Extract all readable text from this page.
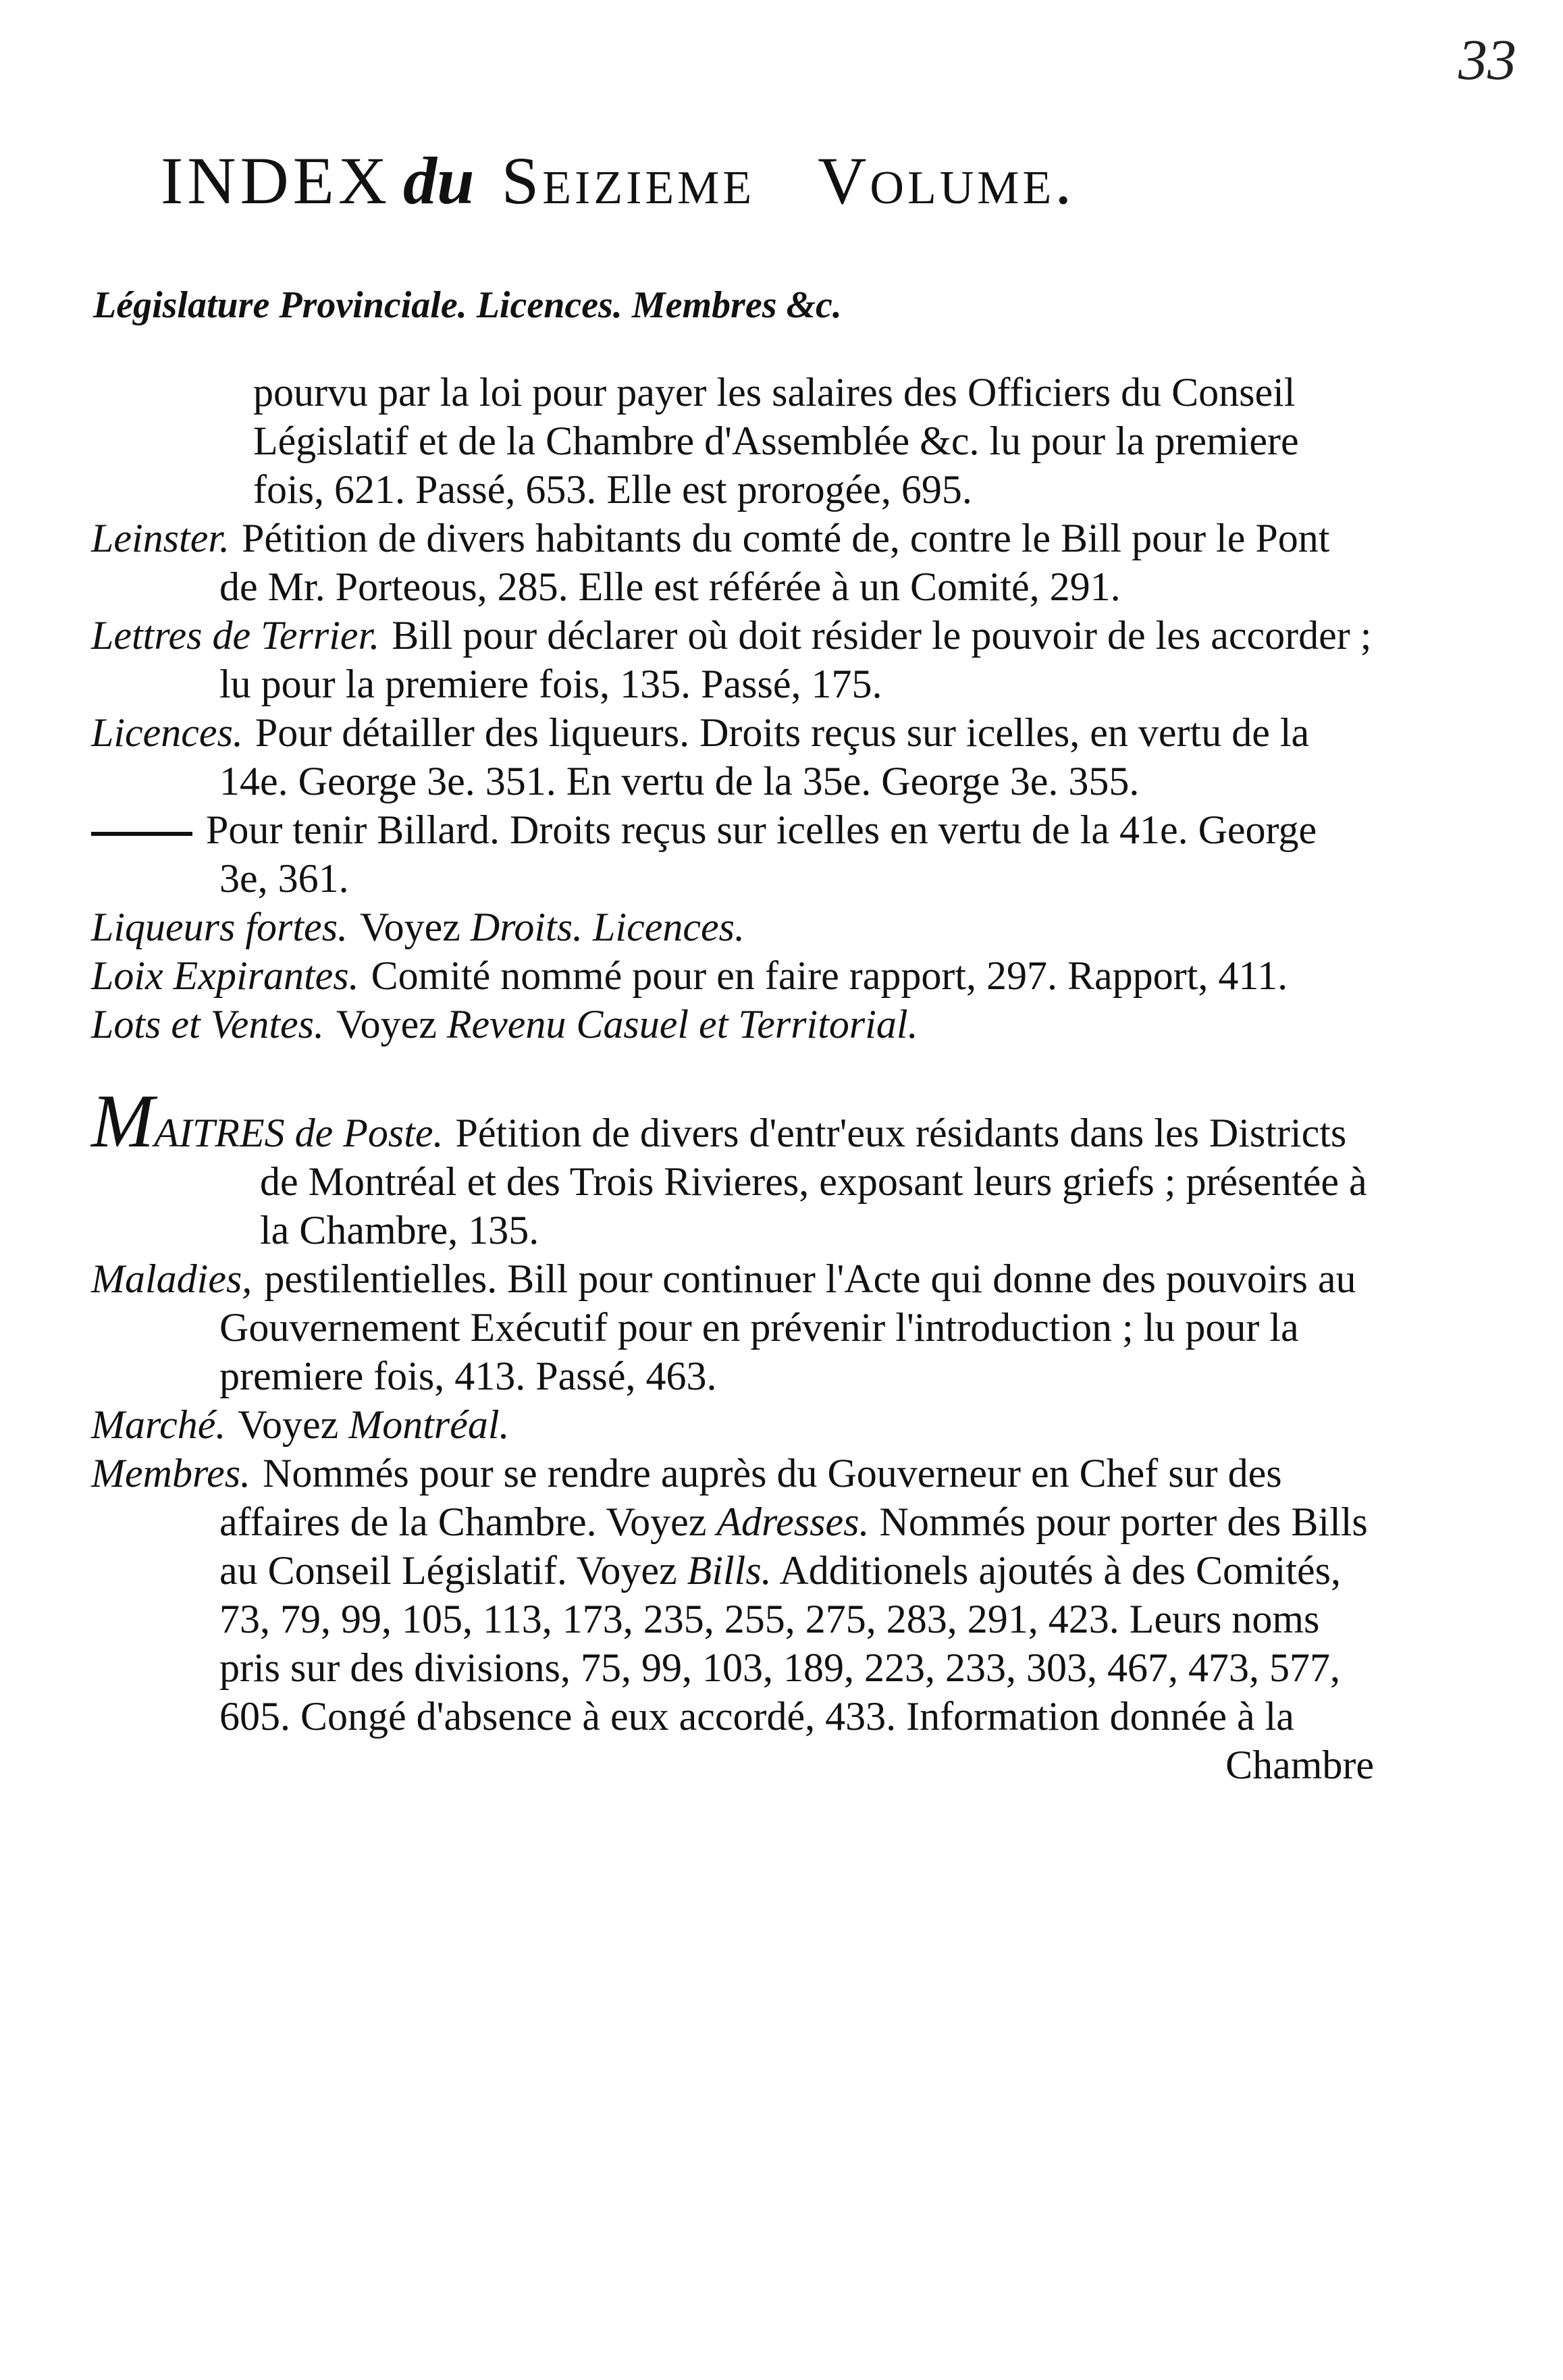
33
INDEX du Seizieme Volume.
Législature Provinciale. Licences. Membres &c.

pourvu par la loi pour payer les salaires des Officiers du Conseil Législatif et de la Chambre d'Assemblée &c. lu pour la premiere fois, 621. Passé, 653. Elle est prorogée, 695.

Leinster. Pétition de divers habitants du comté de, contre le Bill pour le Pont de Mr. Porteous, 285. Elle est référée à un Comité, 291.

Lettres de Terrier. Bill pour déclarer où doit résider le pouvoir de les accorder ; lu pour la premiere fois, 135. Passé, 175.

Licences. Pour détailler des liqueurs. Droits reçus sur icelles, en vertu de la 14e. George 3e. 351. En vertu de la 35e. George 3e. 355.

Pour tenir Billard. Droits reçus sur icelles en vertu de la 41e. George 3e, 361.

Liqueurs fortes. Voyez Droits. Licences.

Loix Expirantes. Comité nommé pour en faire rapport, 297. Rapport, 411.

Lots et Ventes. Voyez Revenu Casuel et Territorial.

MAITRES de Poste. Pétition de divers d'entr'eux résidants dans les Districts de Montréal et des Trois Rivieres, exposant leurs griefs ; présentée à la Chambre, 135.

Maladies, pestilentielles. Bill pour continuer l'Acte qui donne des pouvoirs au Gouvernement Exécutif pour en prévenir l'introduction ; lu pour la premiere fois, 413. Passé, 463.

Marché. Voyez Montréal.

Membres. Nommés pour se rendre auprès du Gouverneur en Chef sur des affaires de la Chambre. Voyez Adresses. Nommés pour porter des Bills au Conseil Législatif. Voyez Bills. Additionels ajoutés à des Comités, 73, 79, 99, 105, 113, 173, 235, 255, 275, 283, 291, 423. Leurs noms pris sur des divisions, 75, 99, 103, 189, 223, 233, 303, 467, 473, 577, 605. Congé d'absence à eux accordé, 433. Information donnée à la

Chambre
